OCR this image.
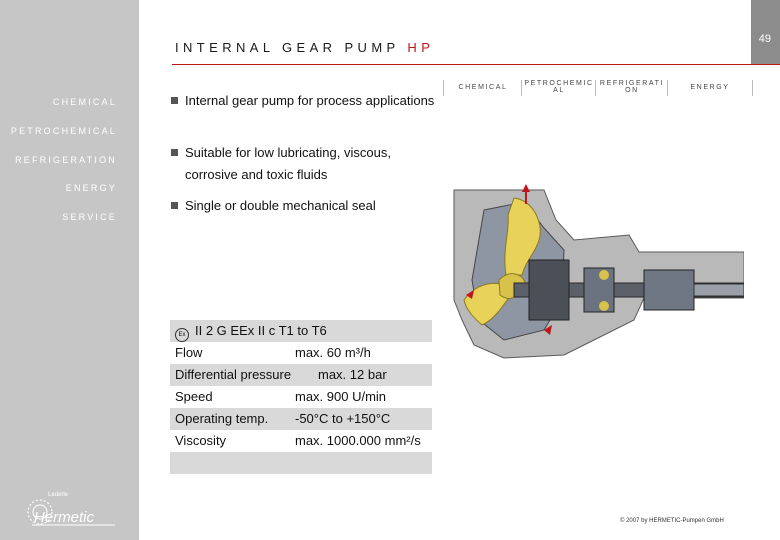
CHEMICAL
PETROCHEMICAL
REFRIGERATION
ENERGY
SERVICE
Lederle
Hermetic
49
INTERNAL GEAR PUMP HP
CHEMICAL
PETROCHEMIC
AL
REFRIGERATI
ON	ENERGY
Internal gear pump for process applications
Suitable for low lubricating, viscous, corrosive and toxic fluids
Single or double mechanical seal
Ex II 2 G EEx II c T1 to T6
Flow	max. 60 m³/h
Differential pressure max. 12 bar
Speed	max. 900 U/min
Operating temp. -50°C to +150°C
Viscosity	max. 1000.000 mm²/s
© 2007 by HERMETIC-Pumpen GmbH
